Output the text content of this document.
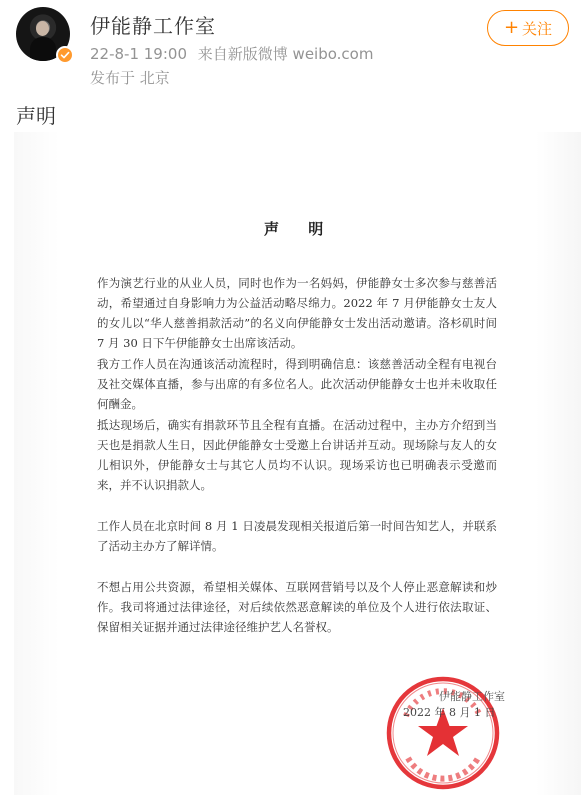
伊能静工作室
22-8-1 19:00 来自新版微博 weibo.com
发布于 北京
+ 关注
声明
声 明
作为演艺行业的从业人员，同时也作为一名妈妈，伊能静女士多次参与慈善活动，希望通过自身影响力为公益活动略尽绵力。2022 年 7 月伊能静女士友人的女儿以“华人慈善捐款活动”的名义向伊能静女士发出活动邀请。洛杉矶时间 7 月 30 日下午伊能静女士出席该活动。
我方工作人员在沟通该活动流程时，得到明确信息：该慈善活动全程有电视台及社交媒体直播，参与出席的有多位名人。此次活动伊能静女士也并未收取任何酬金。
抵达现场后，确实有捐款环节且全程有直播。在活动过程中，主办方介绍到当天也是捐款人生日，因此伊能静女士受邀上台讲话并互动。现场除与友人的女儿相识外，伊能静女士与其它人员均不认识。现场采访也已明确表示受邀而来，并不认识捐款人。
工作人员在北京时间 8 月 1 日凌晨发现相关报道后第一时间告知艺人，并联系了活动主办方了解详情。
不想占用公共资源，希望相关媒体、互联网营销号以及个人停止恶意解读和炒作。我司将通过法律途径，对后续依然恶意解读的单位及个人进行依法取证、保留相关证据并通过法律途径维护艺人名誉权。
伊能静工作室
2022 年 8 月 1 日
